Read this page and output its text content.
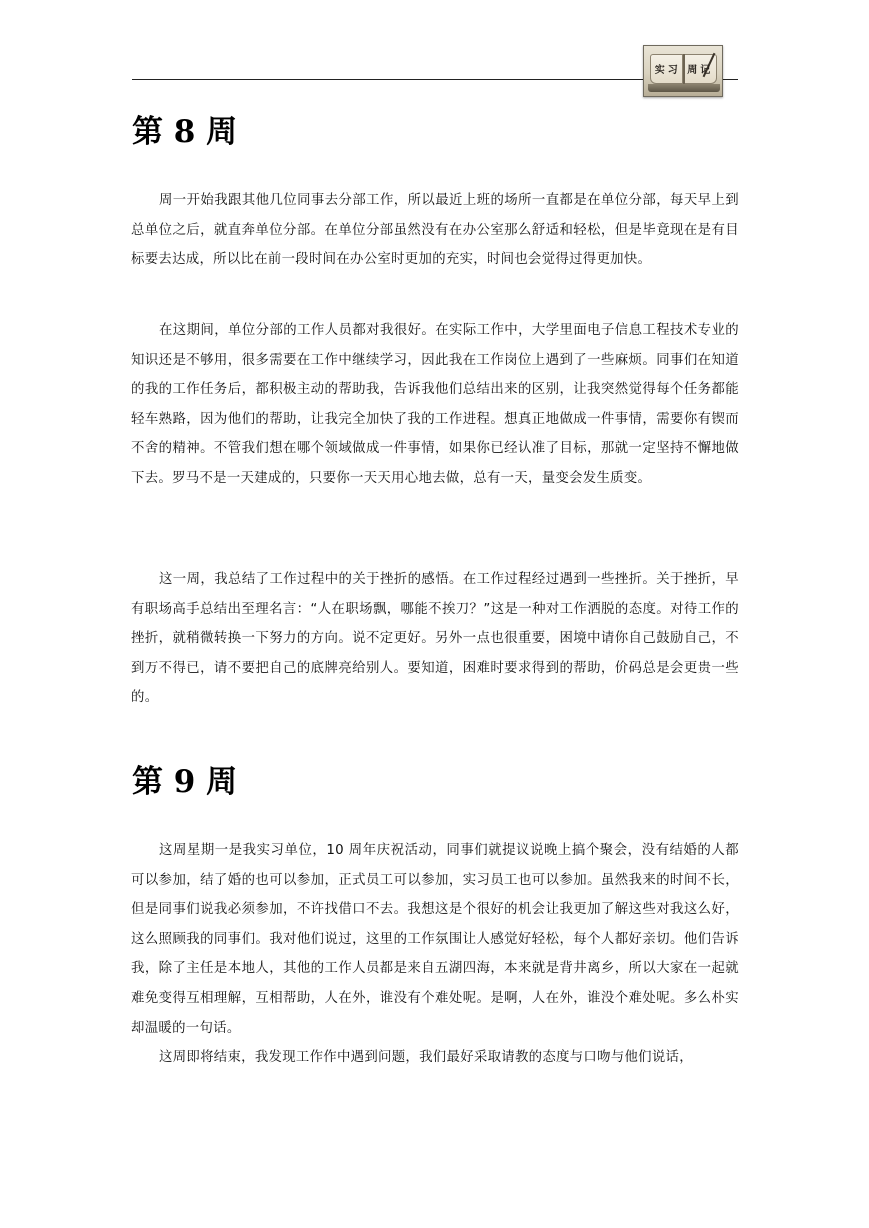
实习 周记
第 8 周

周一开始我跟其他几位同事去分部工作，所以最近上班的场所一直都是在单位分部，每天早上到总单位之后，就直奔单位分部。在单位分部虽然没有在办公室那么舒适和轻松，但是毕竟现在是有目标要去达成，所以比在前一段时间在办公室时更加的充实，时间也会觉得过得更加快。

在这期间，单位分部的工作人员都对我很好。在实际工作中，大学里面电子信息工程技术专业的知识还是不够用，很多需要在工作中继续学习，因此我在工作岗位上遇到了一些麻烦。同事们在知道的我的工作任务后，都积极主动的帮助我，告诉我他们总结出来的区别，让我突然觉得每个任务都能轻车熟路，因为他们的帮助，让我完全加快了我的工作进程。想真正地做成一件事情，需要你有锲而不舍的精神。不管我们想在哪个领域做成一件事情，如果你已经认准了目标，那就一定坚持不懈地做下去。罗马不是一天建成的，只要你一天天用心地去做，总有一天，量变会发生质变。

这一周，我总结了工作过程中的关于挫折的感悟。在工作过程经过遇到一些挫折。关于挫折，早有职场高手总结出至理名言：“人在职场飘，哪能不挨刀？”这是一种对工作洒脱的态度。对待工作的挫折，就稍微转换一下努力的方向。说不定更好。另外一点也很重要，困境中请你自己鼓励自己，不到万不得已，请不要把自己的底牌亮给别人。要知道，困难时要求得到的帮助，价码总是会更贵一些的。

第 9 周

这周星期一是我实习单位，10 周年庆祝活动，同事们就提议说晚上搞个聚会，没有结婚的人都可以参加，结了婚的也可以参加，正式员工可以参加，实习员工也可以参加。虽然我来的时间不长，但是同事们说我必须参加，不许找借口不去。我想这是个很好的机会让我更加了解这些对我这么好，这么照顾我的同事们。我对他们说过，这里的工作氛围让人感觉好轻松，每个人都好亲切。他们告诉我，除了主任是本地人，其他的工作人员都是来自五湖四海，本来就是背井离乡，所以大家在一起就难免变得互相理解，互相帮助，人在外，谁没有个难处呢。是啊，人在外，谁没个难处呢。多么朴实却温暖的一句话。

这周即将结束，我发现工作作中遇到问题，我们最好采取请教的态度与口吻与他们说话，
